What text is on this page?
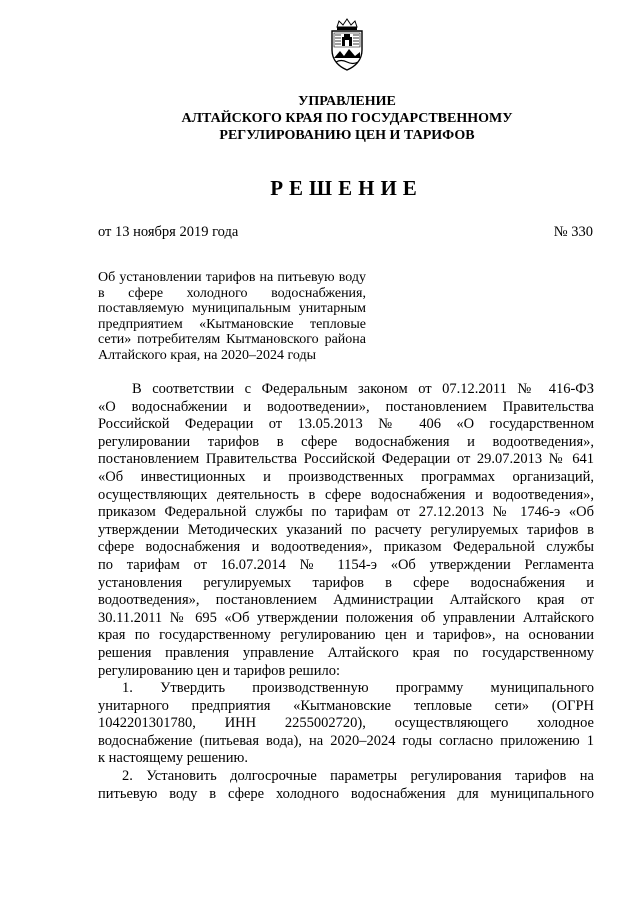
УПРАВЛЕНИЕ
АЛТАЙСКОГО КРАЯ ПО ГОСУДАРСТВЕННОМУ
РЕГУЛИРОВАНИЮ ЦЕН И ТАРИФОВ
РЕШЕНИЕ
от 13 ноября 2019 года	№ 330
Об установлении тарифов на питьевую воду в сфере холодного водоснабжения, поставляемую муниципальным унитарным предприятием «Кытмановские тепловые сети» потребителям Кытмановского района Алтайского края, на 2020–2024 годы

В соответствии с Федеральным законом от 07.12.2011 № 416-ФЗ
«О водоснабжении и водоотведении», постановлением Правительства
Российской Федерации от 13.05.2013 № 406 «О государственном
регулировании тарифов в сфере водоснабжения и водоотведения»,
постановлением Правительства Российской Федерации от 29.07.2013 № 641
«Об инвестиционных и производственных программах организаций,
осуществляющих деятельность в сфере водоснабжения и водоотведения»,
приказом Федеральной службы по тарифам от 27.12.2013 № 1746-э «Об
утверждении Методических указаний по расчету регулируемых тарифов в
сфере водоснабжения и водоотведения», приказом Федеральной службы
по тарифам от 16.07.2014 № 1154-э «Об утверждении Регламента
установления регулируемых тарифов в сфере водоснабжения и
водоотведения», постановлением Администрации Алтайского края от
30.11.2011 № 695 «Об утверждении положения об управлении Алтайского
края по государственному регулированию цен и тарифов», на основании
решения правления управление Алтайского края по государственному
регулированию цен и тарифов решило:

1. Утвердить производственную программу муниципального
унитарного предприятия «Кытмановские тепловые сети» (ОГРН
1042201301780, ИНН 2255002720), осуществляющего холодное
водоснабжение (питьевая вода), на 2020–2024 годы согласно приложению 1
к настоящему решению.

2. Установить долгосрочные параметры регулирования тарифов на
питьевую воду в сфере холодного водоснабжения для муниципального
